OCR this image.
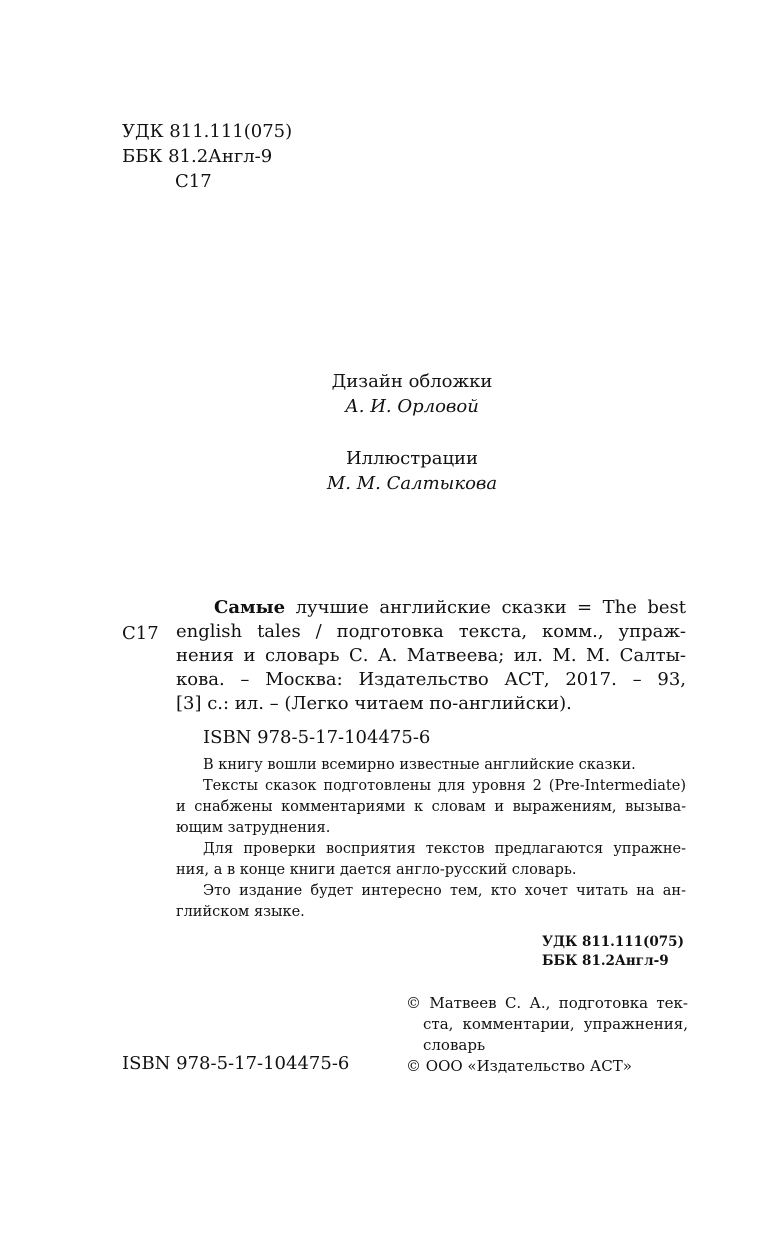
УДК 811.111(075)
ББК 81.2Англ-9
С17
Дизайн обложки
А. И. Орловой
Иллюстрации
М. М. Салтыкова
С17
Самые лучшие английские сказки = The best
english tales / подготовка текста, комм., упраж-
нения и словарь С. А. Матвеева; ил. М. М. Салты-
кова. – Москва: Издательство АСТ, 2017. – 93,
[3] с.: ил. – (Легко читаем по-английски).
ISBN 978-5-17-104475-6
В книгу вошли всемирно известные английские сказки.
Тексты сказок подготовлены для уровня 2 (Pre-Intermediate)
и снабжены комментариями к словам и выражениям, вызыва-
ющим затруднения.
Для проверки восприятия текстов предлагаются упражне-
ния, а в конце книги дается англо-русский словарь.
Это издание будет интересно тем, кто хочет читать на ан-
глийском языке.
УДК 811.111(075)
ББК 81.2Англ-9
© Матвеев С. А., подготовка тек-
ста, комментарии, упражнения,
словарь
© ООО «Издательство АСТ»
ISBN 978-5-17-104475-6
